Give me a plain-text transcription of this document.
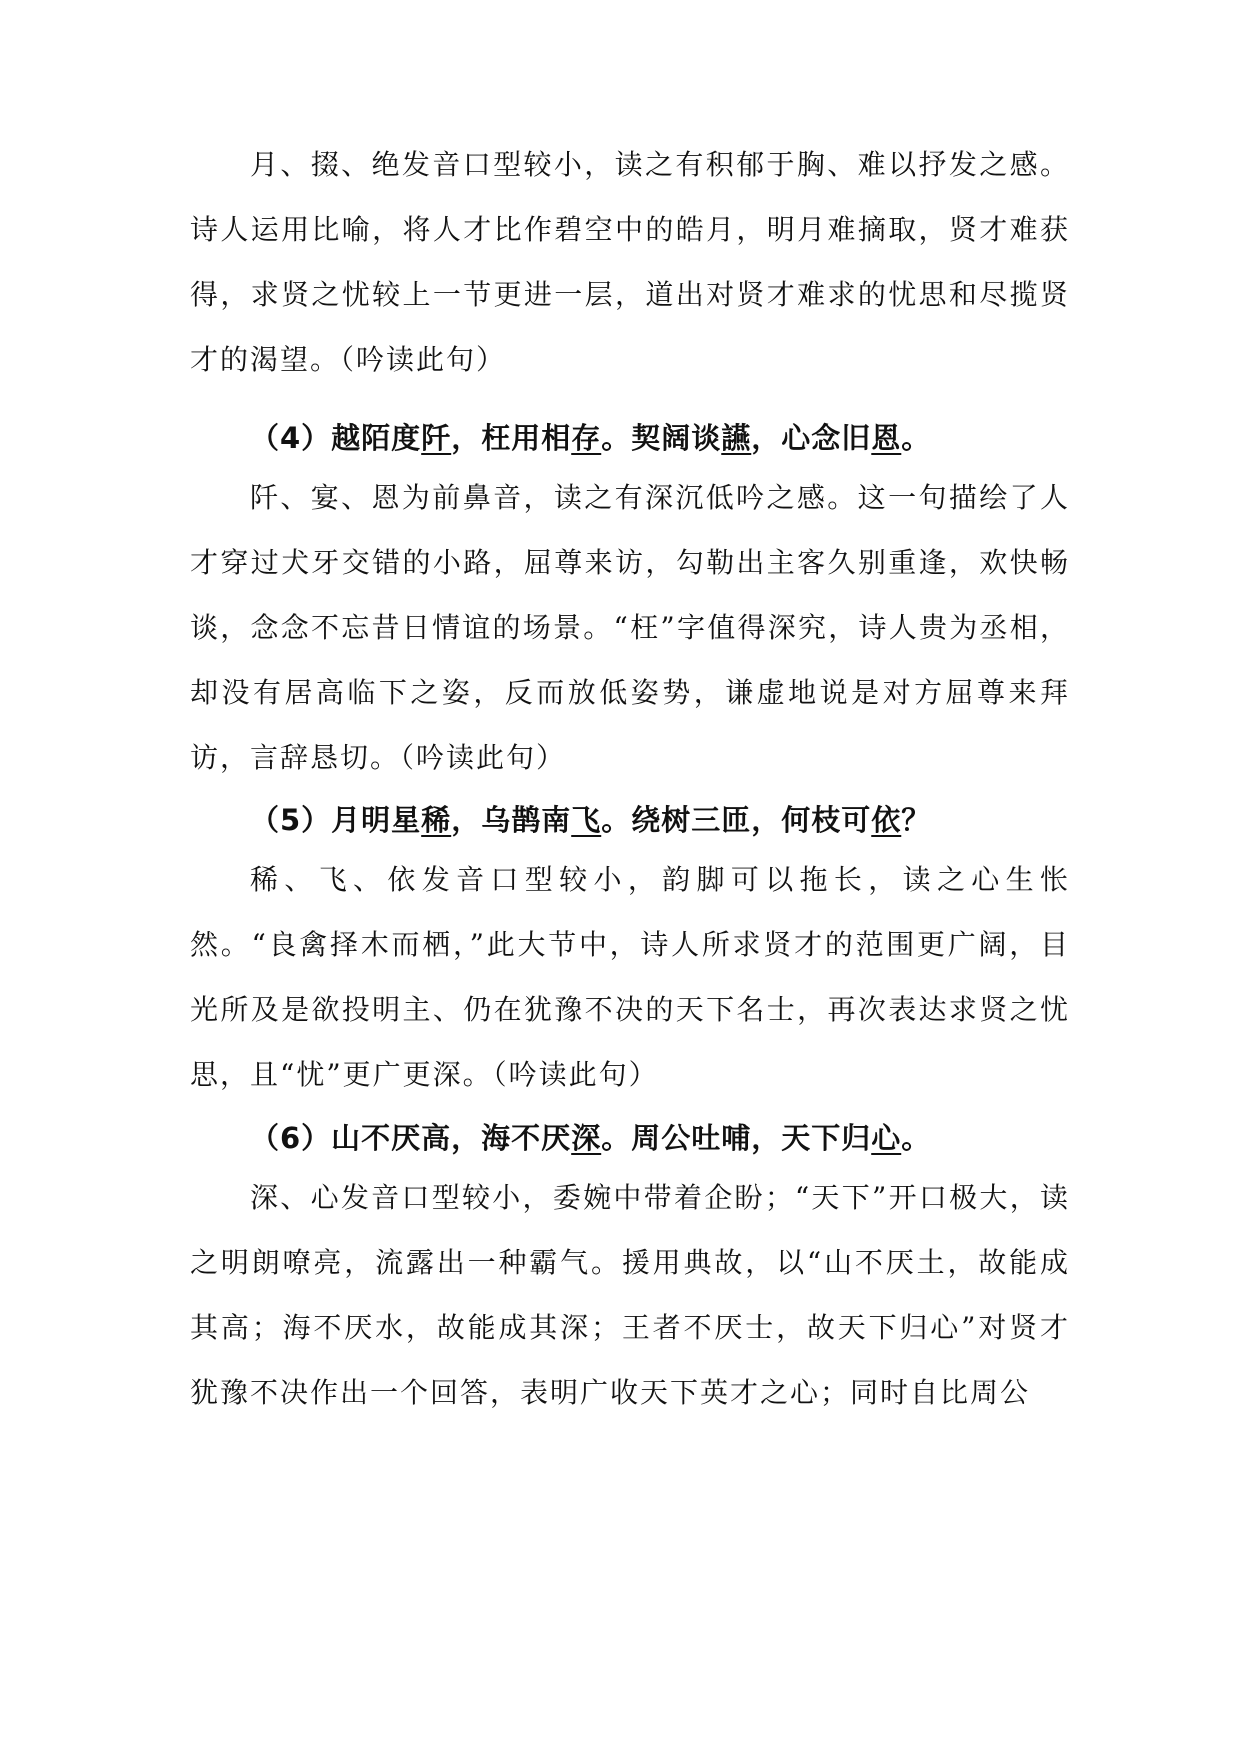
月、掇、绝发音口型较小，读之有积郁于胸、难以抒发之感。诗人运用比喻，将人才比作碧空中的皓月，明月难摘取，贤才难获得，求贤之忧较上一节更进一层，道出对贤才难求的忧思和尽揽贤才的渴望。（吟读此句）

（4）越陌度阡，枉用相存。契阔谈讌，心念旧恩。

阡、宴、恩为前鼻音，读之有深沉低吟之感。这一句描绘了人才穿过犬牙交错的小路，屈尊来访，勾勒出主客久别重逢，欢快畅谈，念念不忘昔日情谊的场景。“枉”字值得深究，诗人贵为丞相，却没有居高临下之姿，反而放低姿势，谦虚地说是对方屈尊来拜访，言辞恳切。（吟读此句）

（5）月明星稀，乌鹊南飞。绕树三匝，何枝可依？

稀、飞、依发音口型较小，韵脚可以拖长，读之心生怅然。“良禽择木而栖，”此大节中，诗人所求贤才的范围更广阔，目光所及是欲投明主、仍在犹豫不决的天下名士，再次表达求贤之忧思，且“忧”更广更深。（吟读此句）

（6）山不厌高，海不厌深。周公吐哺，天下归心。

深、心发音口型较小，委婉中带着企盼；“天下”开口极大，读之明朗嘹亮，流露出一种霸气。援用典故，以“山不厌土，故能成其高；海不厌水，故能成其深；王者不厌士，故天下归心”对贤才犹豫不决作出一个回答，表明广收天下英才之心；同时自比周公
